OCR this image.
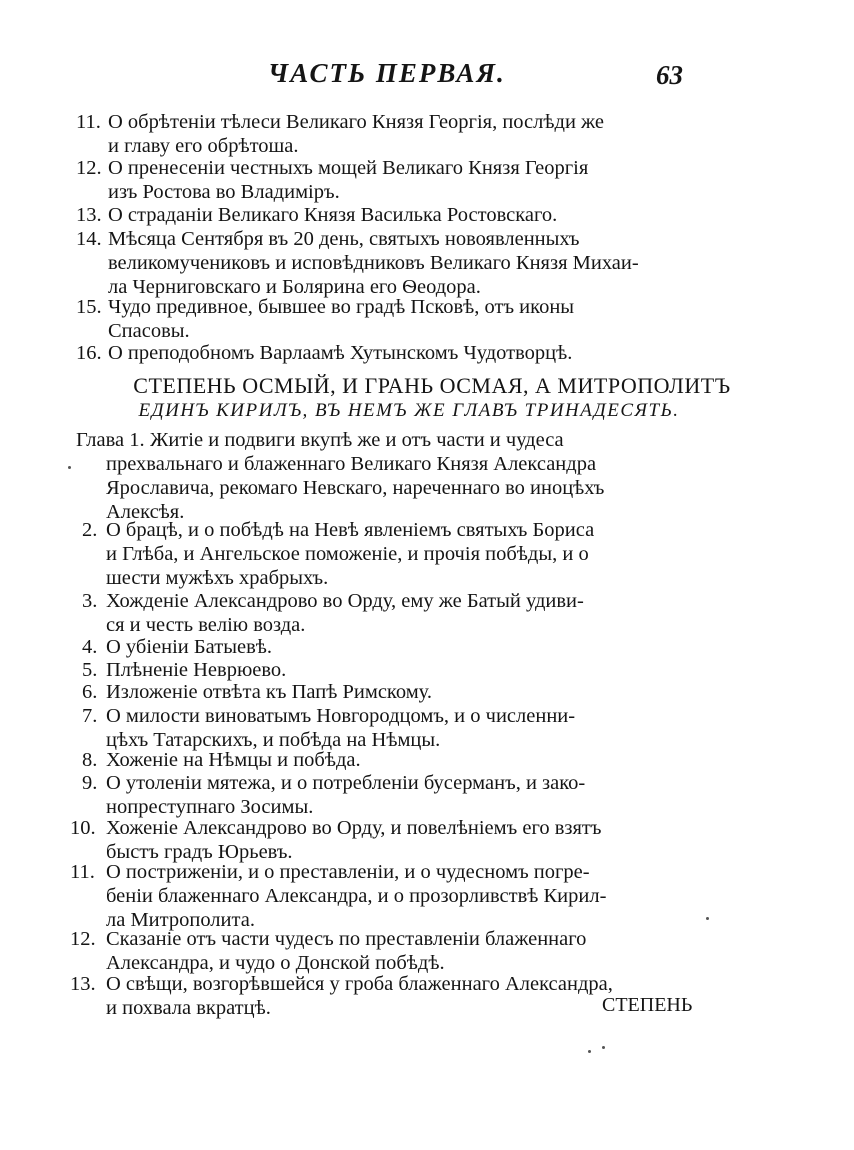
ЧАСТЬ ПЕРВАЯ.	63
11. О обрѣтеніи тѣлеси Великаго Князя Георгія, послѣди же
и главу его обрѣтоша.
12. О пренесеніи честныхъ мощей Великаго Князя Георгія
изъ Ростова во Владиміръ.
13. О страданіи Великаго Князя Василька Ростовскаго.
14. Мѣсяца Сентября въ 20 день, святыхъ новоявленныхъ
великомучениковъ и исповѣдниковъ Великаго Князя Михаи-
ла Черниговскаго и Болярина его Ѳеодора.
15. Чудо предивное, бывшее во градѣ Псковѣ, отъ иконы
Спасовы.
16. О преподобномъ Варлаамѣ Хутынскомъ Чудотворцѣ.
СТЕПЕНЬ ОСМЫЙ, И ГРАНЬ ОСМАЯ, А МИТРОПОЛИТЪ
ЕДИНЪ КИРИЛЪ, ВЪ НЕМЪ ЖЕ ГЛАВЪ ТРИНАДЕСЯТЬ.
Глава 1. Житіе и подвиги вкупѣ же и отъ части и чудеса
прехвальнаго и блаженнаго Великаго Князя Александра
Ярославича, рекомаго Невскаго, нареченнаго во иноцѣхъ
Алексѣя.
2. О брацѣ, и о побѣдѣ на Невѣ явленіемъ святыхъ Бориса
и Глѣба, и Ангельское поможеніе, и прочія побѣды, и о
шести мужѣхъ храбрыхъ.
3. Хожденіе Александрово во Орду, ему же Батый удиви-
ся и честь велію возда.
4. О убіеніи Батыевѣ.
5. Плѣненіе Неврюево.
6. Изложеніе отвѣта къ Папѣ Римскому.
7. О милости виноватымъ Новгородцомъ, и о численни-
цѣхъ Татарскихъ, и побѣда на Нѣмцы.
8. Хоженіе на Нѣмцы и побѣда.
9. О утоленіи мятежа, и о потребленіи бусерманъ, и зако-
нопреступнаго Зосимы.
10. Хоженіе Александрово во Орду, и повелѣніемъ его взятъ
быстъ градъ Юрьевъ.
11. О постриженіи, и о преставленіи, и о чудесномъ погре-
беніи блаженнаго Александра, и о прозорливствѣ Кирил-
ла Митрополита.
12. Сказаніе отъ части чудесъ по преставленіи блаженнаго
Александра, и чудо о Донской побѣдѣ.
13. О свѣщи, возгорѣвшейся у гроба блаженнаго Александра,
и похвала вкратцѣ.	СТЕПЕНЬ
